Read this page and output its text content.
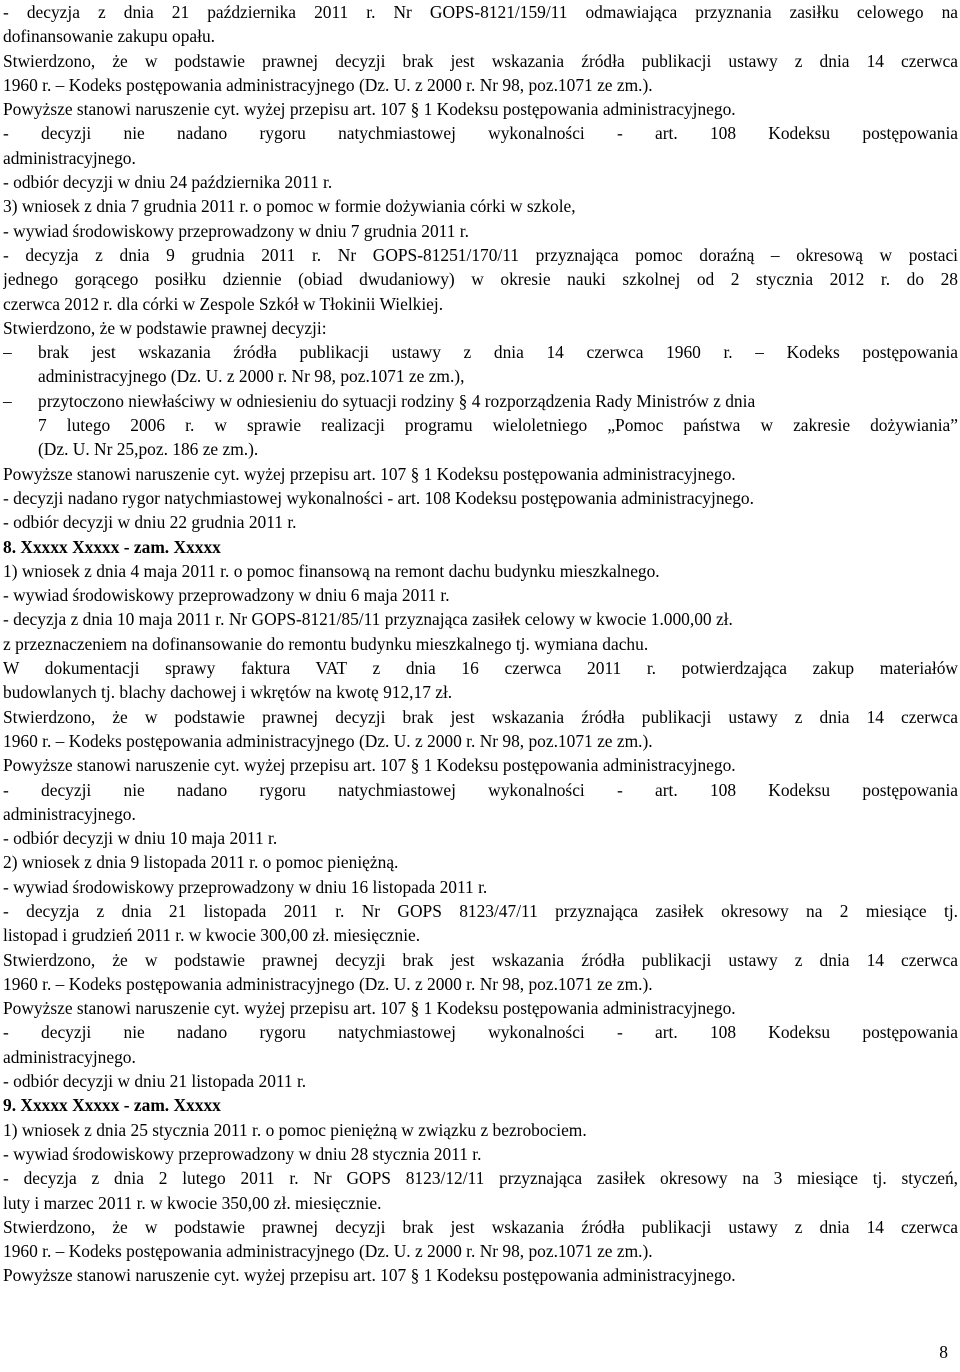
- decyzja z dnia 21 października 2011 r. Nr GOPS-8121/159/11 odmawiająca przyznania zasiłku celowego na
dofinansowanie zakupu opału.
Stwierdzono, że w podstawie prawnej decyzji brak jest wskazania źródła publikacji ustawy z dnia 14 czerwca
1960 r. – Kodeks postępowania administracyjnego (Dz. U. z 2000 r. Nr 98, poz.1071 ze zm.).
Powyższe stanowi naruszenie cyt. wyżej przepisu art. 107 § 1 Kodeksu postępowania administracyjnego.
- decyzji nie nadano rygoru natychmiastowej wykonalności - art. 108 Kodeksu postępowania
administracyjnego.
- odbiór decyzji w dniu 24 października 2011 r.
3) wniosek z dnia 7 grudnia 2011 r. o pomoc w formie dożywiania córki w szkole,
- wywiad środowiskowy przeprowadzony w dniu 7 grudnia 2011 r.
- decyzja z dnia 9 grudnia 2011 r. Nr GOPS-81251/170/11 przyznająca pomoc doraźną – okresową w postaci
jednego gorącego posiłku dziennie (obiad dwudaniowy) w okresie nauki szkolnej od 2 stycznia 2012 r. do 28
czerwca 2012 r. dla córki w Zespole Szkół w Tłokinii Wielkiej.
Stwierdzono, że w podstawie prawnej decyzji:
– brak jest wskazania źródła publikacji ustawy z dnia 14 czerwca 1960 r. – Kodeks postępowania
administracyjnego (Dz. U. z 2000 r. Nr 98, poz.1071 ze zm.),
– przytoczono niewłaściwy w odniesieniu do sytuacji rodziny § 4 rozporządzenia Rady Ministrów z dnia
7 lutego 2006 r. w sprawie realizacji programu wieloletniego „Pomoc państwa w zakresie dożywiania”
(Dz. U. Nr 25,poz. 186 ze zm.).
Powyższe stanowi naruszenie cyt. wyżej przepisu art. 107 § 1 Kodeksu postępowania administracyjnego.
- decyzji nadano rygor natychmiastowej wykonalności - art. 108 Kodeksu postępowania administracyjnego.
- odbiór decyzji w dniu 22 grudnia 2011 r.
8. Xxxxx Xxxxx - zam. Xxxxx
1) wniosek z dnia 4 maja 2011 r. o pomoc finansową na remont dachu budynku mieszkalnego.
- wywiad środowiskowy przeprowadzony w dniu 6 maja 2011 r.
- decyzja z dnia 10 maja 2011 r. Nr GOPS-8121/85/11 przyznająca zasiłek celowy w kwocie 1.000,00 zł.
z przeznaczeniem na dofinansowanie do remontu budynku mieszkalnego tj. wymiana dachu.
W dokumentacji sprawy faktura VAT z dnia 16 czerwca 2011 r. potwierdzająca zakup materiałów
budowlanych tj. blachy dachowej i wkrętów na kwotę 912,17 zł.
Stwierdzono, że w podstawie prawnej decyzji brak jest wskazania źródła publikacji ustawy z dnia 14 czerwca
1960 r. – Kodeks postępowania administracyjnego (Dz. U. z 2000 r. Nr 98, poz.1071 ze zm.).
Powyższe stanowi naruszenie cyt. wyżej przepisu art. 107 § 1 Kodeksu postępowania administracyjnego.
- decyzji nie nadano rygoru natychmiastowej wykonalności - art. 108 Kodeksu postępowania
administracyjnego.
- odbiór decyzji w dniu 10 maja 2011 r.
2) wniosek z dnia 9 listopada 2011 r. o pomoc pieniężną.
- wywiad środowiskowy przeprowadzony w dniu 16 listopada 2011 r.
- decyzja z dnia 21 listopada 2011 r. Nr GOPS 8123/47/11 przyznająca zasiłek okresowy na 2 miesiące tj.
listopad i grudzień 2011 r. w kwocie 300,00 zł. miesięcznie.
Stwierdzono, że w podstawie prawnej decyzji brak jest wskazania źródła publikacji ustawy z dnia 14 czerwca
1960 r. – Kodeks postępowania administracyjnego (Dz. U. z 2000 r. Nr 98, poz.1071 ze zm.).
Powyższe stanowi naruszenie cyt. wyżej przepisu art. 107 § 1 Kodeksu postępowania administracyjnego.
- decyzji nie nadano rygoru natychmiastowej wykonalności - art. 108 Kodeksu postępowania
administracyjnego.
- odbiór decyzji w dniu 21 listopada 2011 r.
9. Xxxxx Xxxxx - zam. Xxxxx
1) wniosek z dnia 25 stycznia 2011 r. o pomoc pieniężną w związku z bezrobociem.
- wywiad środowiskowy przeprowadzony w dniu 28 stycznia 2011 r.
- decyzja z dnia 2 lutego 2011 r. Nr GOPS 8123/12/11 przyznająca zasiłek okresowy na 3 miesiące tj. styczeń,
luty i marzec 2011 r. w kwocie 350,00 zł. miesięcznie.
Stwierdzono, że w podstawie prawnej decyzji brak jest wskazania źródła publikacji ustawy z dnia 14 czerwca
1960 r. – Kodeks postępowania administracyjnego (Dz. U. z 2000 r. Nr 98, poz.1071 ze zm.).
Powyższe stanowi naruszenie cyt. wyżej przepisu art. 107 § 1 Kodeksu postępowania administracyjnego.
8
